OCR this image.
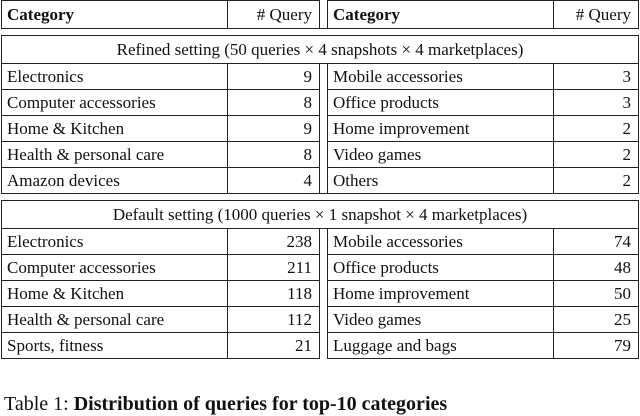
Category	# Query		Category	# Query

Refined setting (50 queries × 4 snapshots × 4 marketplaces)				
Electronics	9		Mobile accessories	3
Computer accessories	8		Office products	3
Home & Kitchen	9		Home improvement	2
Health & personal care	8		Video games	2
Amazon devices	4		Others	2

Default setting (1000 queries × 1 snapshot × 4 marketplaces)				
Electronics	238		Mobile accessories	74
Computer accessories	211		Office products	48
Home & Kitchen	118		Home improvement	50
Health & personal care	112		Video games	25
Sports, fitness	21		Luggage and bags	79
Table 1: Distribution of queries for top-10 categories
